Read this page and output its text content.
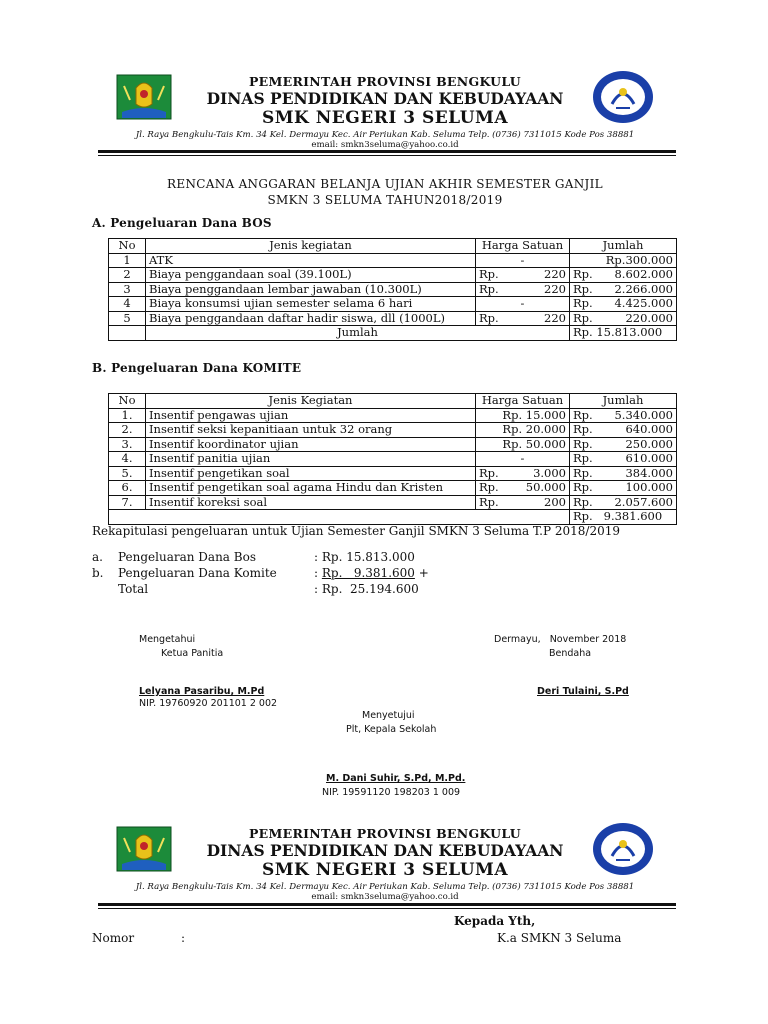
PEMERINTAH PROVINSI BENGKULU
DINAS PENDIDIKAN DAN KEBUDAYAAN
SMK NEGERI 3 SELUMA
Jl. Raya Bengkulu-Tais Km. 34 Kel. Dermayu Kec. Air Periukan Kab. Seluma Telp. (0736) 7311015 Kode Pos 38881
email: smkn3seluma@yahoo.co.id
RENCANA ANGGARAN BELANJA UJIAN AKHIR SEMESTER GANJIL
SMKN 3 SELUMA TAHUN2018/2019
A. Pengeluaran Dana BOS
No	Jenis kegiatan	Harga Satuan	Jumlah
1	ATK	-	Rp.300.000
2	Biaya penggandaan soal (39.100L)	Rp. 220	Rp. 8.602.000

3	Biaya penggandaan lembar jawaban (10.300L)	Rp. 220	Rp. 2.266.000

4	Biaya konsumsi ujian semester selama 6 hari	-	Rp. 4.425.000

5	Biaya penggandaan daftar hadir siswa, dll (1000L)	Rp. 220	Rp. 220.000

	Jumlah		Rp. 15.813.000
B. Pengeluaran Dana KOMITE
No	Jenis Kegiatan	Harga Satuan	Jumlah
1.	Insentif pengawas ujian	Rp. 15.000	Rp. 5.340.000

2.	Insentif seksi kepanitiaan untuk 32 orang	Rp. 20.000	Rp. 640.000

3.	Insentif koordinator ujian	Rp. 50.000	Rp. 250.000

4.	Insentif panitia ujian	-	Rp. 610.000

5.	Insentif pengetikan soal	Rp. 3.000	Rp. 384.000

6.	Insentif pengetikan soal agama Hindu dan Kristen	Rp. 50.000	Rp. 100.000

7.	Insentif koreksi soal	Rp. 200	Rp. 2.057.600

			Rp.   9.381.600
Rekapitulasi pengeluaran untuk Ujian Semester Ganjil SMKN 3 Seluma T.P 2018/2019
a. Pengeluaran Dana Bos	: Rp. 15.813.000
b. Pengeluaran Dana Komite	: Rp.   9.381.600 +
Total	: Rp.  25.194.600
Mengetahui
Ketua Panitia
Lelyana Pasaribu, M.Pd
NIP. 19760920 201101 2 002
Dermayu,   November 2018
Bendaha
Deri Tulaini, S.Pd
Menyetujui
Plt, Kepala Sekolah
M. Dani Suhir, S.Pd, M.Pd.
NIP. 19591120 198203 1 009
PEMERINTAH PROVINSI BENGKULU
DINAS PENDIDIKAN DAN KEBUDAYAAN
SMK NEGERI 3 SELUMA
Jl. Raya Bengkulu-Tais Km. 34 Kel. Dermayu Kec. Air Periukan Kab. Seluma Telp. (0736) 7311015 Kode Pos 38881
email: smkn3seluma@yahoo.co.id
Kepada Yth,
Nomor	:	K.a SMKN 3 Seluma
